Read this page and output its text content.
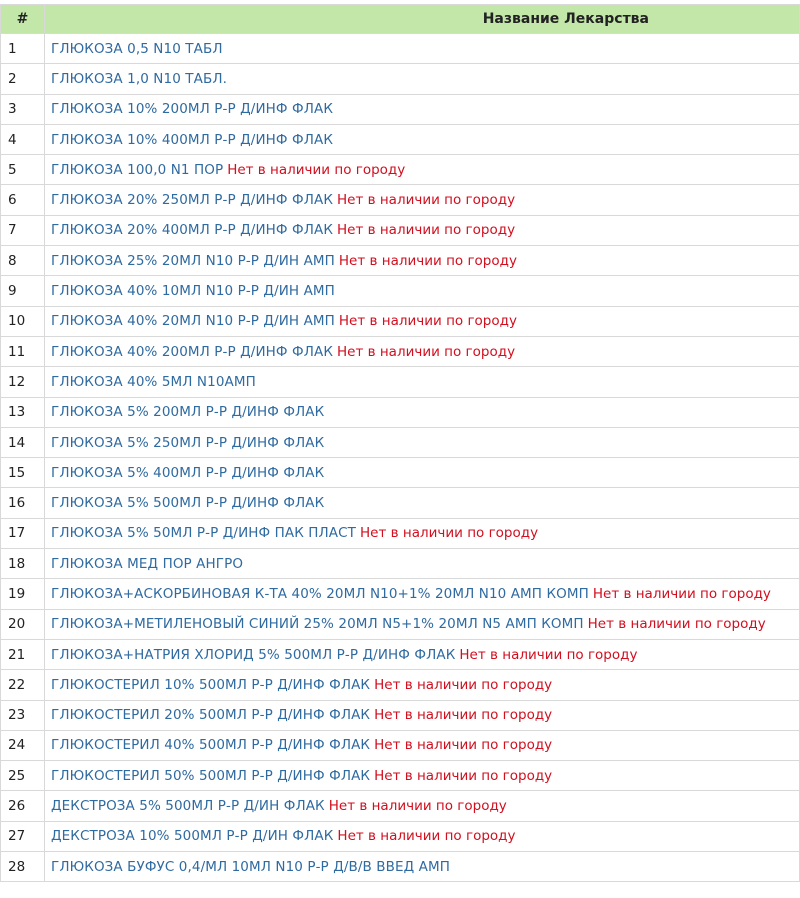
#	Название Лекарства
1	ГЛЮКОЗА 0,5 N10 ТАБЛ
2	ГЛЮКОЗА 1,0 N10 ТАБЛ.
3	ГЛЮКОЗА 10% 200МЛ Р-Р Д/ИНФ ФЛАК
4	ГЛЮКОЗА 10% 400МЛ Р-Р Д/ИНФ ФЛАК
5	ГЛЮКОЗА 100,0 N1 ПОР Нет в наличии по городу
6	ГЛЮКОЗА 20% 250МЛ Р-Р Д/ИНФ ФЛАК Нет в наличии по городу
7	ГЛЮКОЗА 20% 400МЛ Р-Р Д/ИНФ ФЛАК Нет в наличии по городу
8	ГЛЮКОЗА 25% 20МЛ N10 Р-Р Д/ИН АМП Нет в наличии по городу
9	ГЛЮКОЗА 40% 10МЛ N10 Р-Р Д/ИН АМП
10	ГЛЮКОЗА 40% 20МЛ N10 Р-Р Д/ИН АМП Нет в наличии по городу
11	ГЛЮКОЗА 40% 200МЛ Р-Р Д/ИНФ ФЛАК Нет в наличии по городу
12	ГЛЮКОЗА 40% 5МЛ N10АМП
13	ГЛЮКОЗА 5% 200МЛ Р-Р Д/ИНФ ФЛАК
14	ГЛЮКОЗА 5% 250МЛ Р-Р Д/ИНФ ФЛАК
15	ГЛЮКОЗА 5% 400МЛ Р-Р Д/ИНФ ФЛАК
16	ГЛЮКОЗА 5% 500МЛ Р-Р Д/ИНФ ФЛАК
17	ГЛЮКОЗА 5% 50МЛ Р-Р Д/ИНФ ПАК ПЛАСТ Нет в наличии по городу
18	ГЛЮКОЗА МЕД ПОР АНГРО
19	ГЛЮКОЗА+АСКОРБИНОВАЯ К-ТА 40% 20МЛ N10+1% 20МЛ N10 АМП КОМП Нет в наличии по городу
20	ГЛЮКОЗА+МЕТИЛЕНОВЫЙ СИНИЙ 25% 20МЛ N5+1% 20МЛ N5 АМП КОМП Нет в наличии по городу
21	ГЛЮКОЗА+НАТРИЯ ХЛОРИД 5% 500МЛ Р-Р Д/ИНФ ФЛАК Нет в наличии по городу
22	ГЛЮКОСТЕРИЛ 10% 500МЛ Р-Р Д/ИНФ ФЛАК Нет в наличии по городу
23	ГЛЮКОСТЕРИЛ 20% 500МЛ Р-Р Д/ИНФ ФЛАК Нет в наличии по городу
24	ГЛЮКОСТЕРИЛ 40% 500МЛ Р-Р Д/ИНФ ФЛАК Нет в наличии по городу
25	ГЛЮКОСТЕРИЛ 50% 500МЛ Р-Р Д/ИНФ ФЛАК Нет в наличии по городу
26	ДЕКСТРОЗА 5% 500МЛ Р-Р Д/ИН ФЛАК Нет в наличии по городу
27	ДЕКСТРОЗА 10% 500МЛ Р-Р Д/ИН ФЛАК Нет в наличии по городу
28	ГЛЮКОЗА БУФУС 0,4/МЛ 10МЛ N10 Р-Р Д/В/В ВВЕД АМП
